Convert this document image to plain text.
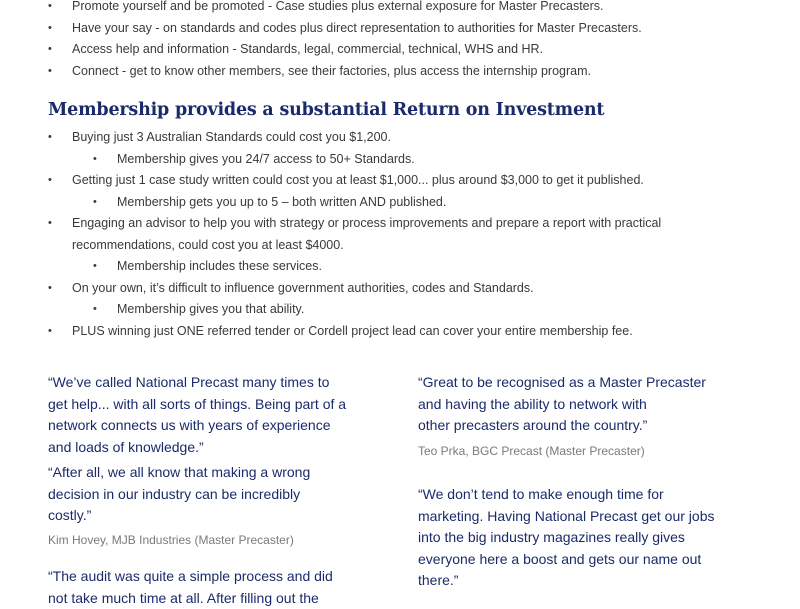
• Promote yourself and be promoted - Case studies plus external exposure for Master Precasters.
• Have your say - on standards and codes plus direct representation to authorities for Master Precasters.
• Access help and information - Standards, legal, commercial, technical, WHS and HR.
• Connect - get to know other members, see their factories, plus access the internship program.
Membership provides a substantial Return on Investment
• Buying just 3 Australian Standards could cost you $1,200.
• Membership gives you 24/7 access to 50+ Standards.
• Getting just 1 case study written could cost you at least $1,000... plus around $3,000 to get it published.
• Membership gets you up to 5 – both written AND published.
• Engaging an advisor to help you with strategy or process improvements and prepare a report with practical
recommendations, could cost you at least $4000.
• Membership includes these services.
• On your own, it’s difficult to influence government authorities, codes and Standards.
• Membership gives you that ability.
• PLUS winning just ONE referred tender or Cordell project lead can cover your entire membership fee.
“We’ve called National Precast many times to
get help... with all sorts of things. Being part of a
network connects us with years of experience
and loads of knowledge.”
“After all, we all know that making a wrong
decision in our industry can be incredibly
costly.”
Kim Hovey, MJB Industries (Master Precaster)
“The audit was quite a simple process and did
not take much time at all. After filling out the
“Great to be recognised as a Master Precaster
and having the ability to network with
other precasters around the country.”
Teo Prka, BGC Precast (Master Precaster)
“We don’t tend to make enough time for
marketing. Having National Precast get our jobs
into the big industry magazines really gives
everyone here a boost and gets our name out
there.”
